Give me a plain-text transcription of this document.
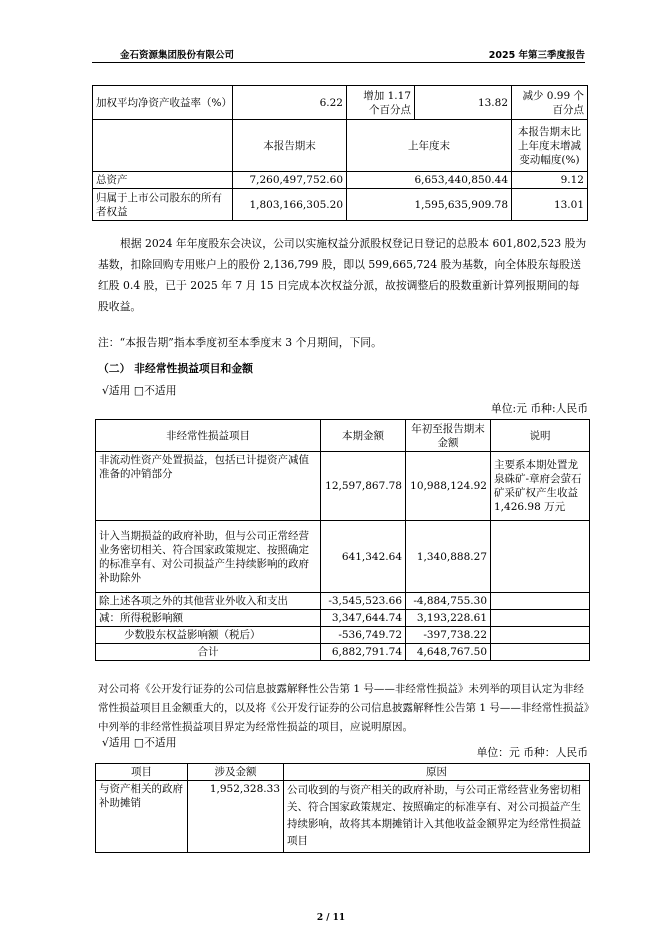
金石资源集团股份有限公司	2025 年第三季度报告
加权平均净资产收益率（%）	6.22	增加 1.17 个百分点	13.82	减少 0.99 个百分点
	本报告期末	上年度末		本报告期末比上年度末增减变动幅度(%)
总资产	7,260,497,752.60	6,653,440,850.44		9.12
归属于上市公司股东的所有者权益	1,803,166,305.20	1,595,635,909.78		13.01
根据 2024 年年度股东会决议，公司以实施权益分派股权登记日登记的总股本 601,802,523 股为基数，扣除回购专用账户上的股份 2,136,799 股，即以 599,665,724 股为基数，向全体股东每股送红股 0.4 股，已于 2025 年 7 月 15 日完成本次权益分派，故按调整后的股数重新计算列报期间的每股收益。
注：“本报告期”指本季度初至本季度末 3 个月期间，下同。
（二） 非经常性损益项目和金额
√适用 □不适用
单位:元 币种:人民币
非经常性损益项目	本期金额	年初至报告期末金额	说明
非流动性资产处置损益，包括已计提资产减值准备的冲销部分	12,597,867.78	10,988,124.92	主要系本期处置龙泉硃矿-章府会萤石矿采矿权产生收益 1,426.98 万元
计入当期损益的政府补助，但与公司正常经营业务密切相关、符合国家政策规定、按照确定的标准享有、对公司损益产生持续影响的政府补助除外	641,342.64	1,340,888.27	
除上述各项之外的其他营业外收入和支出	-3,545,523.66	-4,884,755.30	
减：所得税影响额	3,347,644.74	3,193,228.61	
少数股东权益影响额（税后）	-536,749.72	-397,738.22	
合计	6,882,791.74	4,648,767.50	
对公司将《公开发行证券的公司信息披露解释性公告第 1 号——非经常性损益》未列举的项目认定为非经常性损益项目且金额重大的，以及将《公开发行证券的公司信息披露解释性公告第 1 号——非经常性损益》中列举的非经常性损益项目界定为经常性损益的项目，应说明原因。
√适用 □不适用
单位：元 币种：人民币
项目	涉及金额	原因
与资产相关的政府补助摊销	1,952,328.33	公司收到的与资产相关的政府补助，与公司正常经营业务密切相关、符合国家政策规定、按照确定的标准享有、对公司损益产生持续影响，故将其本期摊销计入其他收益金额界定为经常性损益项目
2 / 11
